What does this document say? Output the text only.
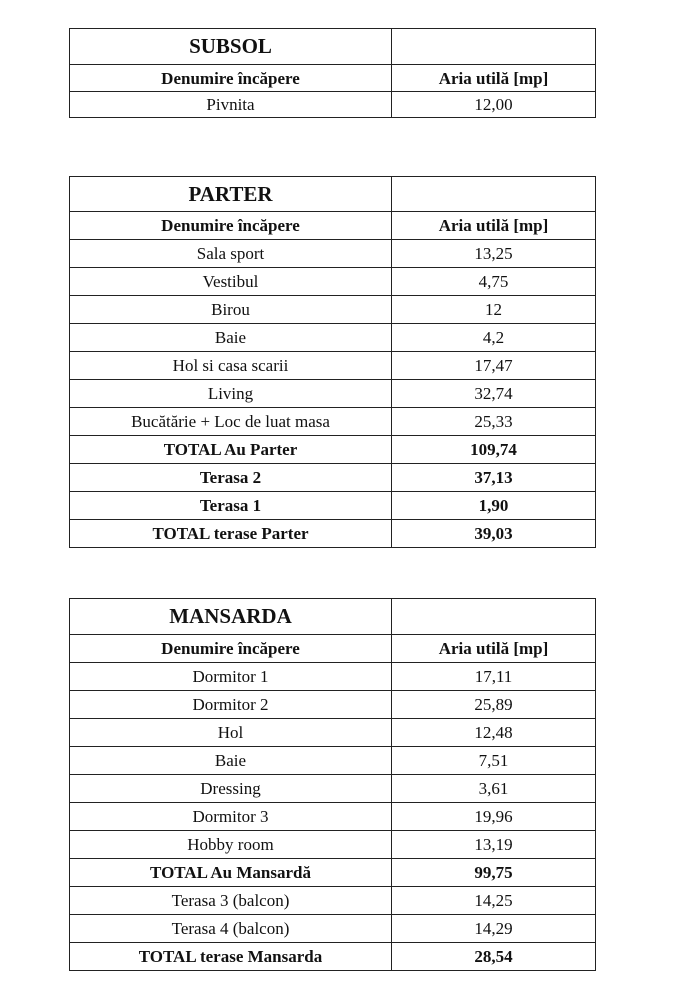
SUBSOL	
Denumire încăpere	Aria utilă [mp]
Pivnita	12,00
PARTER	
Denumire încăpere	Aria utilă [mp]
Sala sport	13,25
Vestibul	4,75
Birou	12
Baie	4,2
Hol si casa scarii	17,47
Living	32,74
Bucătărie + Loc de luat masa	25,33
TOTAL Au Parter	109,74
Terasa 2	37,13
Terasa 1	1,90
TOTAL terase Parter	39,03
MANSARDA	
Denumire încăpere	Aria utilă [mp]
Dormitor 1	17,11
Dormitor 2	25,89
Hol	12,48
Baie	7,51
Dressing	3,61
Dormitor 3	19,96
Hobby room	13,19
TOTAL Au Mansardă	99,75
Terasa 3 (balcon)	14,25
Terasa 4 (balcon)	14,29
TOTAL terase Mansarda	28,54
